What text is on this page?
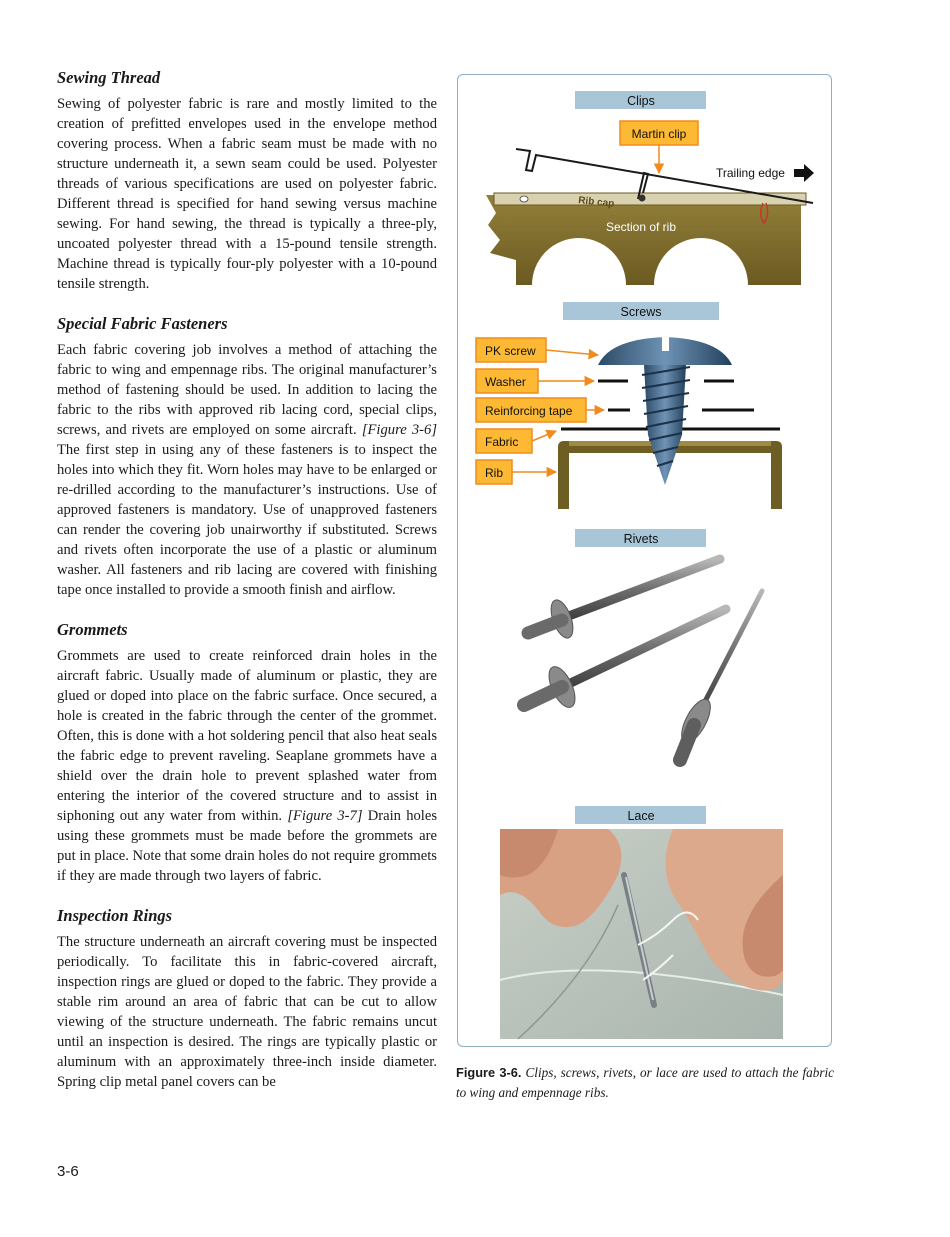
Sewing Thread

Sewing of polyester fabric is rare and mostly limited to the creation of prefitted envelopes used in the envelope method covering process. When a fabric seam must be made with no structure underneath it, a sewn seam could be used. Polyester threads of various specifications are used on polyester fabric. Different thread is specified for hand sewing versus machine sewing. For hand sewing, the thread is typically a three-ply, uncoated polyester thread with a 15-pound tensile strength. Machine thread is typically four-ply polyester with a 10-pound tensile strength.

Special Fabric Fasteners

Each fabric covering job involves a method of attaching the fabric to wing and empennage ribs. The original manufacturer’s method of fastening should be used. In addition to lacing the fabric to the ribs with approved rib lacing cord, special clips, screws, and rivets are employed on some aircraft. [Figure 3-6] The first step in using any of these fasteners is to inspect the holes into which they fit. Worn holes may have to be enlarged or re-drilled according to the manufacturer’s instructions. Use of approved fasteners is mandatory. Use of unapproved fasteners can render the covering job unairworthy if substituted. Screws and rivets often incorporate the use of a plastic or aluminum washer. All fasteners and rib lacing are covered with finishing tape once installed to provide a smooth finish and airflow.

Grommets

Grommets are used to create reinforced drain holes in the aircraft fabric. Usually made of aluminum or plastic, they are glued or doped into place on the fabric surface. Once secured, a hole is created in the fabric through the center of the grommet. Often, this is done with a hot soldering pencil that also heat seals the fabric edge to prevent raveling. Seaplane grommets have a shield over the drain hole to prevent splashed water from entering the interior of the covered structure and to assist in siphoning out any water from within. [Figure 3-7] Drain holes using these grommets must be made before the grommets are put in place. Note that some drain holes do not require grommets if they are made through two layers of fabric.

Inspection Rings

The structure underneath an aircraft covering must be inspected periodically. To facilitate this in fabric-covered aircraft, inspection rings are glued or doped to the fabric. They provide a stable rim around an area of fabric that can be cut to allow viewing of the structure underneath. The fabric remains uncut until an inspection is desired. The rings are typically plastic or aluminum with an approximately three-inch inside diameter. Spring clip metal panel covers can be

3-6
Clips
Martin clip
Rib cap
Section of rib
Trailing edge
Screws
PK screw
Washer
Reinforcing tape
Fabric
Rib
Rivets
Lace
Figure 3-6. Clips, screws, rivets, or lace are used to attach the fabric to wing and empennage ribs.
